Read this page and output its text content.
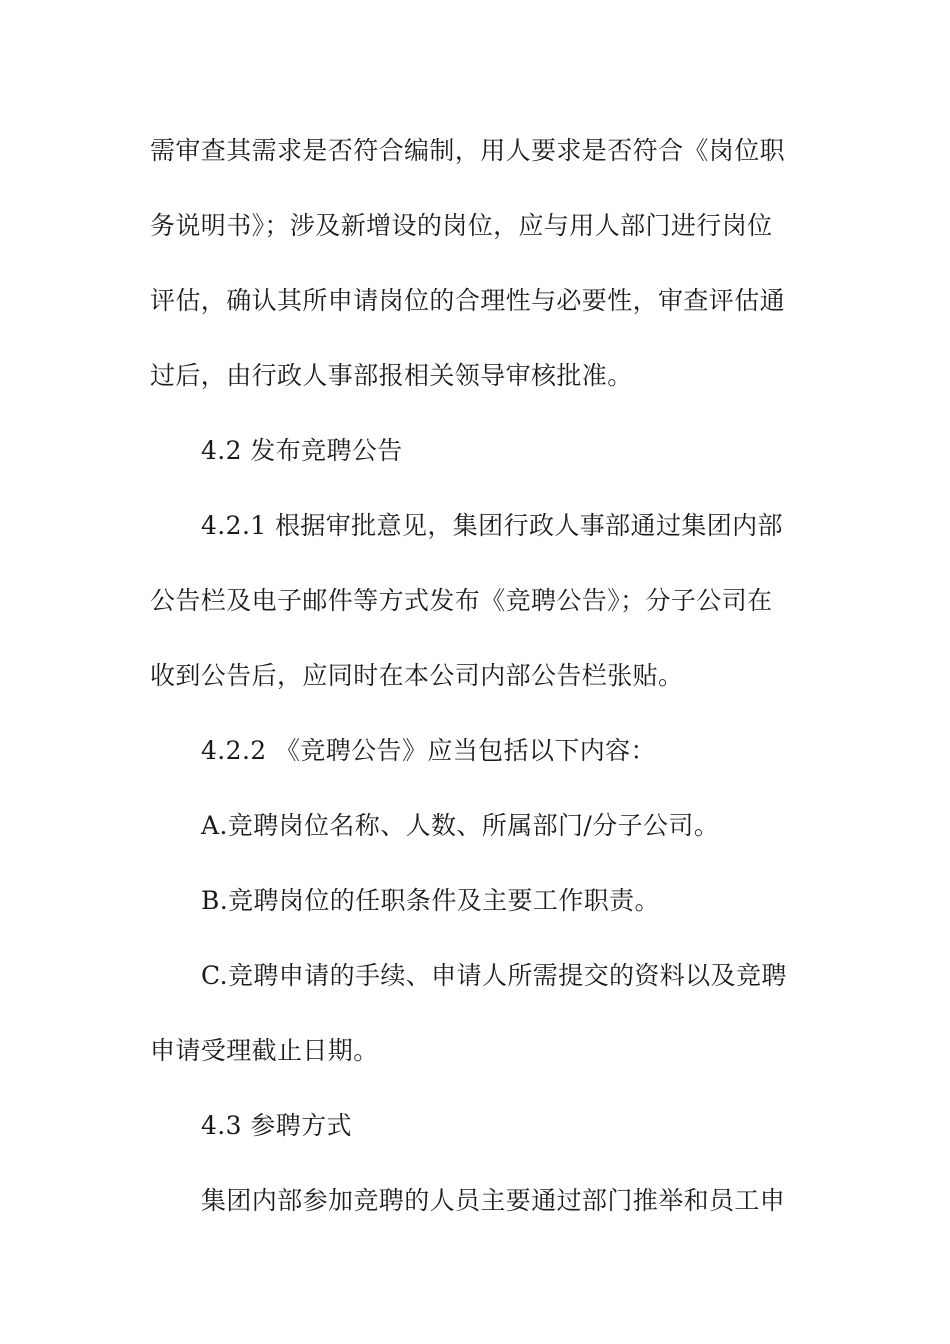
需审查其需求是否符合编制，用人要求是否符合《岗位职
务说明书》；涉及新增设的岗位，应与用人部门进行岗位
评估，确认其所申请岗位的合理性与必要性，审查评估通
过后，由行政人事部报相关领导审核批准。
4.2 发布竞聘公告
4.2.1 根据审批意见，集团行政人事部通过集团内部
公告栏及电子邮件等方式发布《竞聘公告》；分子公司在
收到公告后，应同时在本公司内部公告栏张贴。
4.2.2 《竞聘公告》应当包括以下内容：
A.竞聘岗位名称、人数、所属部门/分子公司。
B.竞聘岗位的任职条件及主要工作职责。
C.竞聘申请的手续、申请人所需提交的资料以及竞聘
申请受理截止日期。
4.3 参聘方式
集团内部参加竞聘的人员主要通过部门推举和员工申
